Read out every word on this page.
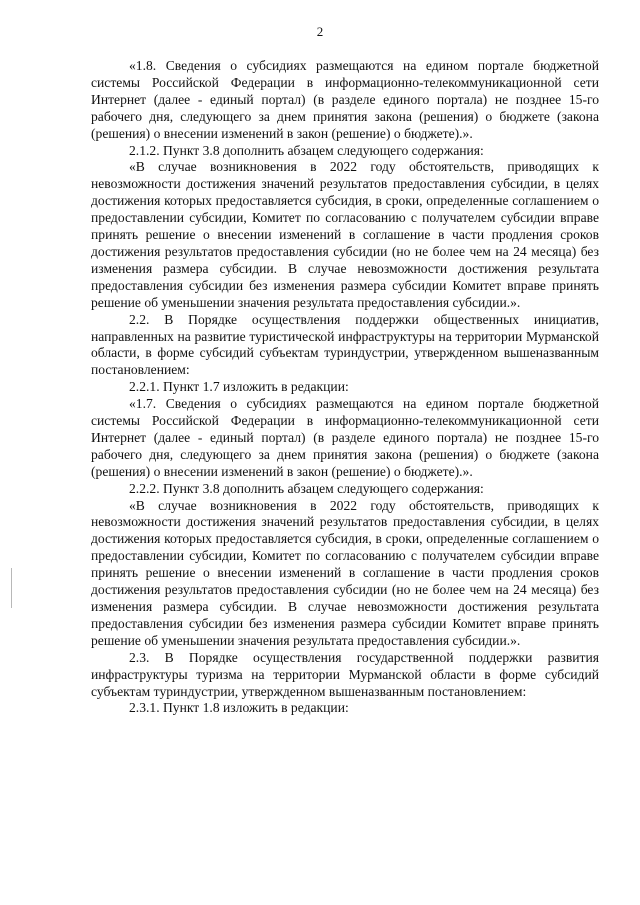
2

«1.8. Сведения о субсидиях размещаются на едином портале бюджетной системы Российской Федерации в информационно-телекоммуникационной сети Интернет (далее - единый портал) (в разделе единого портала) не позднее 15-го рабочего дня, следующего за днем принятия закона (решения) о бюджете (закона (решения) о внесении изменений в закон (решение) о бюджете).».

2.1.2. Пункт 3.8 дополнить абзацем следующего содержания:

«В случае возникновения в 2022 году обстоятельств, приводящих к невозможности достижения значений результатов предоставления субсидии, в целях достижения которых предоставляется субсидия, в сроки, определенные соглашением о предоставлении субсидии, Комитет по согласованию с получателем субсидии вправе принять решение о внесении изменений в соглашение в части продления сроков достижения результатов предоставления субсидии (но не более чем на 24 месяца) без изменения размера субсидии. В случае невозможности достижения результата предоставления субсидии без изменения размера субсидии Комитет вправе принять решение об уменьшении значения результата предоставления субсидии.».

2.2. В Порядке осуществления поддержки общественных инициатив, направленных на развитие туристической инфраструктуры на территории Мурманской области, в форме субсидий субъектам туриндустрии, утвержденном вышеназванным постановлением:

2.2.1. Пункт 1.7 изложить в редакции:

«1.7. Сведения о субсидиях размещаются на едином портале бюджетной системы Российской Федерации в информационно-телекоммуникационной сети Интернет (далее - единый портал) (в разделе единого портала) не позднее 15-го рабочего дня, следующего за днем принятия закона (решения) о бюджете (закона (решения) о внесении изменений в закон (решение) о бюджете).».

2.2.2. Пункт 3.8 дополнить абзацем следующего содержания:

«В случае возникновения в 2022 году обстоятельств, приводящих к невозможности достижения значений результатов предоставления субсидии, в целях достижения которых предоставляется субсидия, в сроки, определенные соглашением о предоставлении субсидии, Комитет по согласованию с получателем субсидии вправе принять решение о внесении изменений в соглашение в части продления сроков достижения результатов предоставления субсидии (но не более чем на 24 месяца) без изменения размера субсидии. В случае невозможности достижения результата предоставления субсидии без изменения размера субсидии Комитет вправе принять решение об уменьшении значения результата предоставления субсидии.».

2.3. В Порядке осуществления государственной поддержки развития инфраструктуры туризма на территории Мурманской области в форме субсидий субъектам туриндустрии, утвержденном вышеназванным постановлением:

2.3.1. Пункт 1.8 изложить в редакции:
